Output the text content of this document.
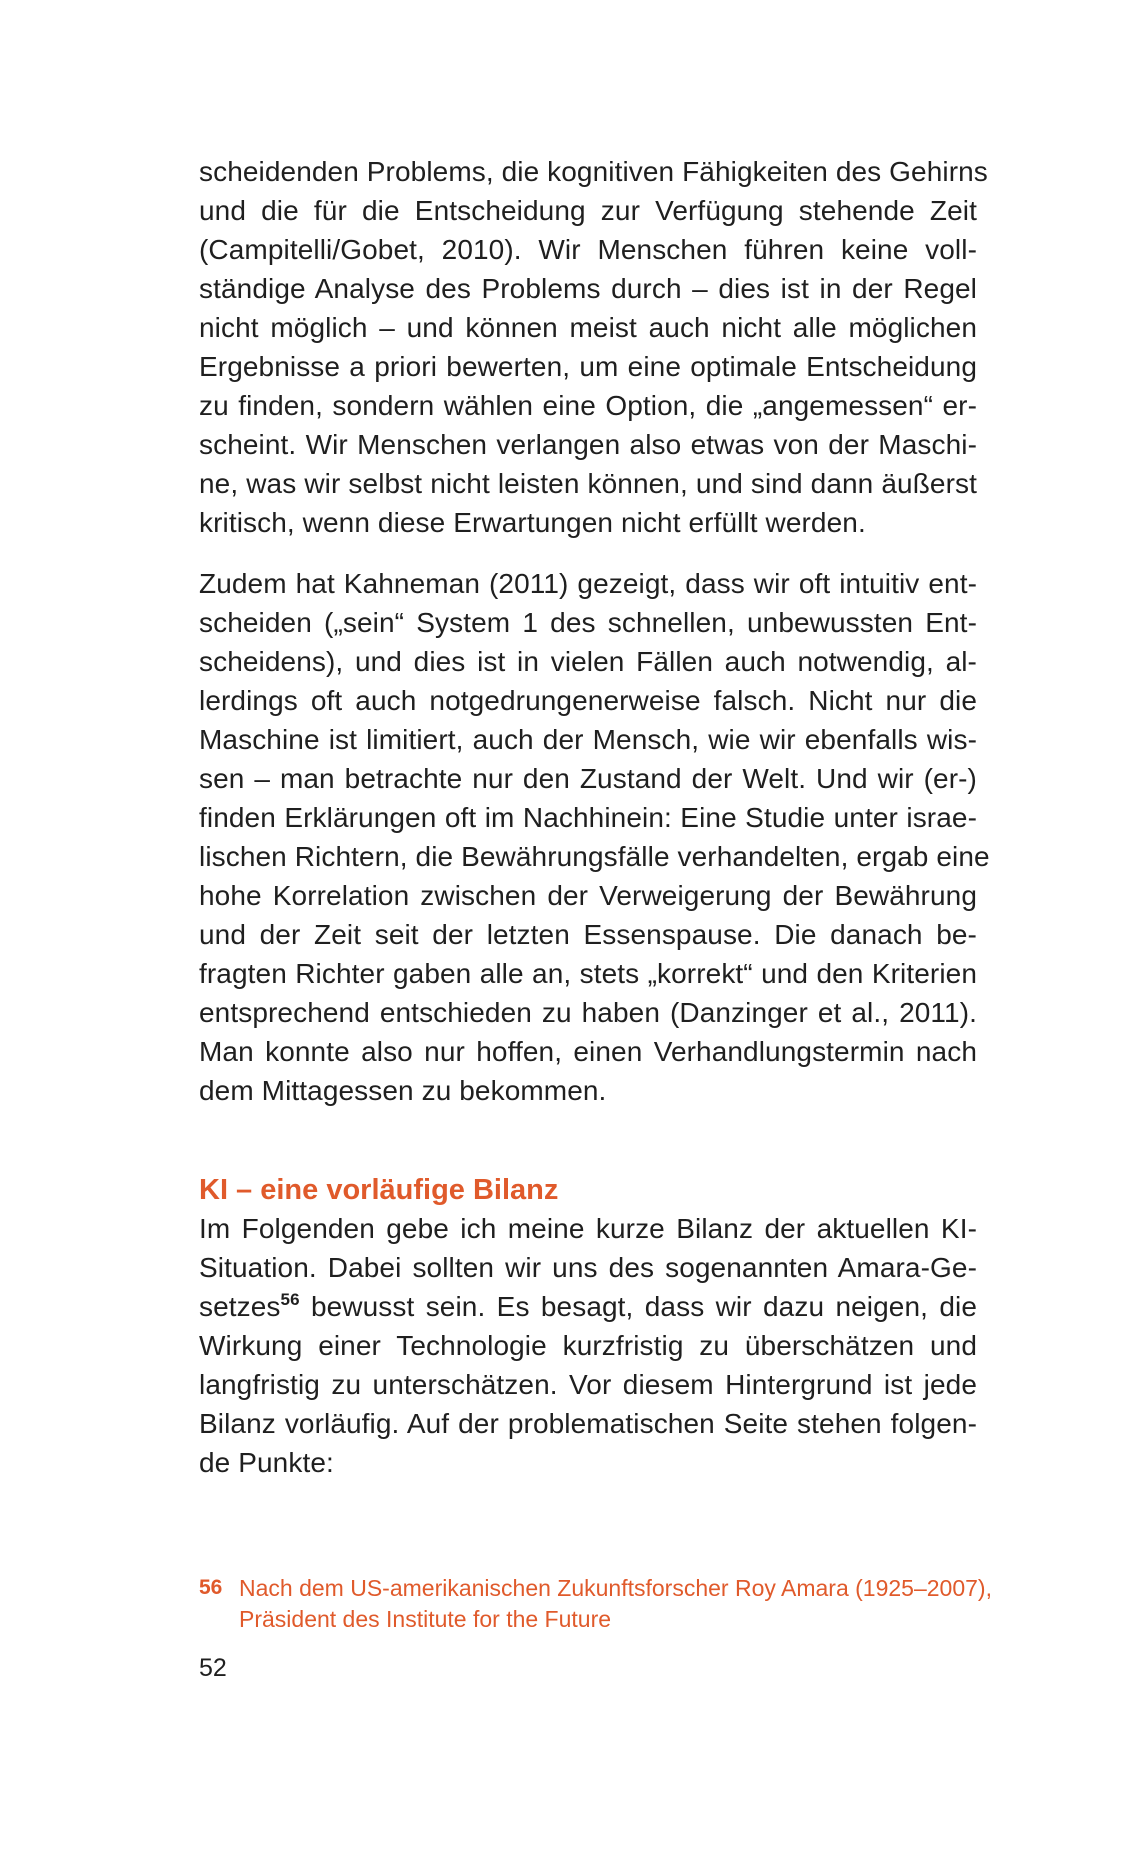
scheidenden Problems, die kognitiven Fähigkeiten des Gehirns
und die für die Entscheidung zur Verfügung stehende Zeit
(Campitelli/Gobet, 2010). Wir Menschen führen keine voll-
ständige Analyse des Problems durch – dies ist in der Regel
nicht möglich – und können meist auch nicht alle möglichen
Ergebnisse a priori bewerten, um eine optimale Entscheidung
zu finden, sondern wählen eine Option, die „angemessen“ er-
scheint. Wir Menschen verlangen also etwas von der Maschi-
ne, was wir selbst nicht leisten können, und sind dann äußerst
kritisch, wenn diese Erwartungen nicht erfüllt werden.
Zudem hat Kahneman (2011) gezeigt, dass wir oft intuitiv ent-
scheiden („sein“ System 1 des schnellen, unbewussten Ent-
scheidens), und dies ist in vielen Fällen auch notwendig, al-
lerdings oft auch notgedrungenerweise falsch. Nicht nur die
Maschine ist limitiert, auch der Mensch, wie wir ebenfalls wis-
sen – man betrachte nur den Zustand der Welt. Und wir (er-)
finden Erklärungen oft im Nachhinein: Eine Studie unter israe-
lischen Richtern, die Bewährungsfälle verhandelten, ergab eine
hohe Korrelation zwischen der Verweigerung der Bewährung
und der Zeit seit der letzten Essenspause. Die danach be-
fragten Richter gaben alle an, stets „korrekt“ und den Kriterien
entsprechend entschieden zu haben (Danzinger et al., 2011).
Man konnte also nur hoffen, einen Verhandlungstermin nach
dem Mittagessen zu bekommen.
KI – eine vorläufige Bilanz
Im Folgenden gebe ich meine kurze Bilanz der aktuellen KI-
Situation. Dabei sollten wir uns des sogenannten Amara-Ge-
setzes$^{56}$ bewusst sein. Es besagt, dass wir dazu neigen, die
Wirkung einer Technologie kurzfristig zu überschätzen und
langfristig zu unterschätzen. Vor diesem Hintergrund ist jede
Bilanz vorläufig. Auf der problematischen Seite stehen folgen-
de Punkte:
56 Nach dem US-amerikanischen Zukunftsforscher Roy Amara (1925–2007),
Präsident des Institute for the Future
52
